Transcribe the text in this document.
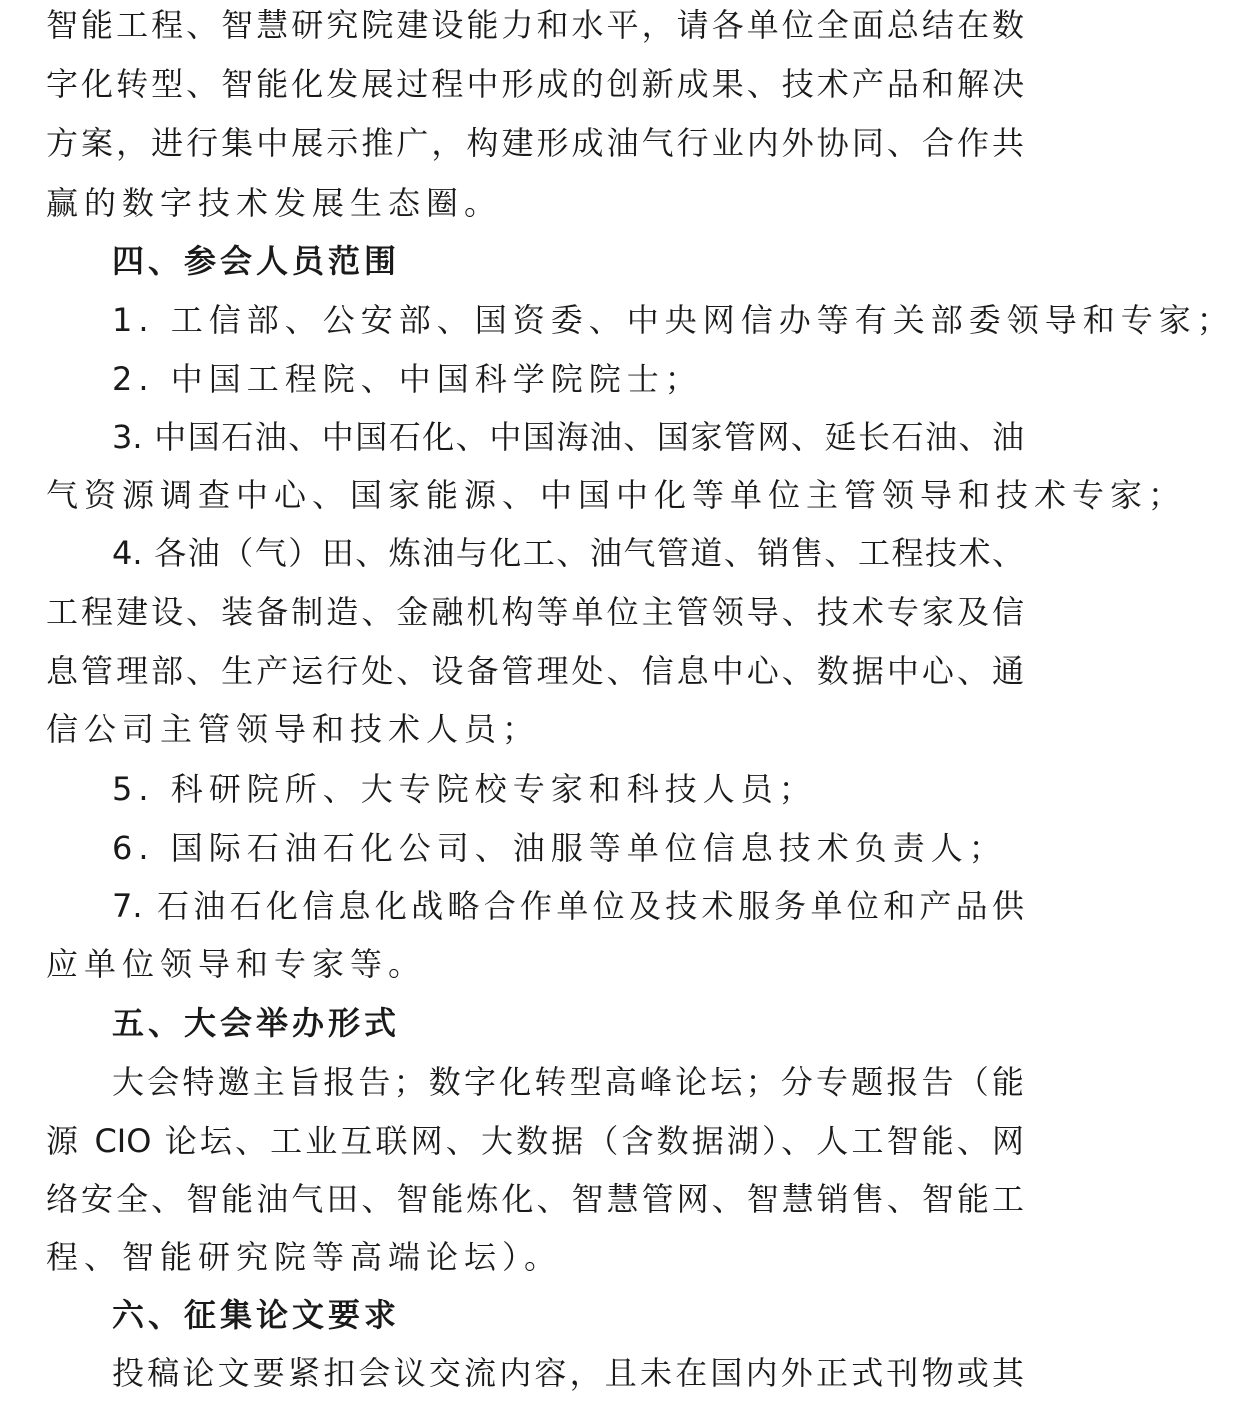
智能工程、智慧研究院建设能力和水平，请各单位全面总结在数
字化转型、智能化发展过程中形成的创新成果、技术产品和解决
方案，进行集中展示推广，构建形成油气行业内外协同、合作共
赢的数字技术发展生态圈。
四、参会人员范围
1. 工信部、公安部、国资委、中央网信办等有关部委领导和专家；
2. 中国工程院、中国科学院院士；
3. 中国石油、中国石化、中国海油、国家管网、延长石油、油
气资源调查中心、国家能源、中国中化等单位主管领导和技术专家；
4. 各油（气）田、炼油与化工、油气管道、销售、工程技术、
工程建设、装备制造、金融机构等单位主管领导、技术专家及信
息管理部、生产运行处、设备管理处、信息中心、数据中心、通
信公司主管领导和技术人员；
5. 科研院所、大专院校专家和科技人员；
6. 国际石油石化公司、油服等单位信息技术负责人；
7. 石油石化信息化战略合作单位及技术服务单位和产品供
应单位领导和专家等。
五、大会举办形式
大会特邀主旨报告；数字化转型高峰论坛；分专题报告（能
源 CIO 论坛、工业互联网、大数据（含数据湖）、人工智能、网
络安全、智能油气田、智能炼化、智慧管网、智慧销售、智能工
程、智能研究院等高端论坛）。
六、征集论文要求
投稿论文要紧扣会议交流内容，且未在国内外正式刊物或其
